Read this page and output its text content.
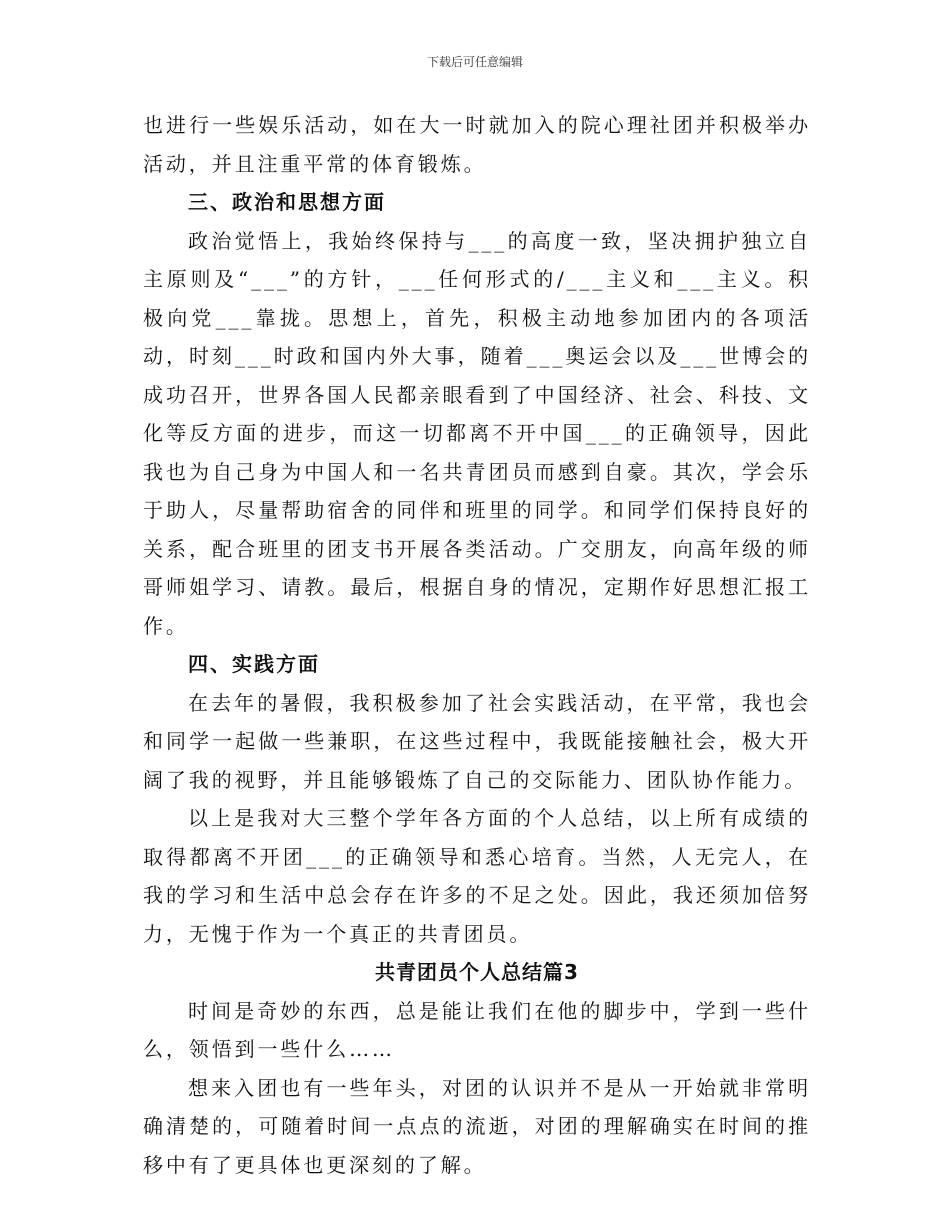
下载后可任意编辑

也进行一些娱乐活动，如在大一时就加入的院心理社团并积极举办活动，并且注重平常的体育锻炼。

三、政治和思想方面

政治觉悟上，我始终保持与___的高度一致，坚决拥护独立自主原则及“___”的方针，___任何形式的/___主义和___主义。积极向党___靠拢。思想上，首先，积极主动地参加团内的各项活动，时刻___时政和国内外大事，随着___奥运会以及___世博会的成功召开，世界各国人民都亲眼看到了中国经济、社会、科技、文化等反方面的进步，而这一切都离不开中国___的正确领导，因此我也为自己身为中国人和一名共青团员而感到自豪。其次，学会乐于助人，尽量帮助宿舍的同伴和班里的同学。和同学们保持良好的关系，配合班里的团支书开展各类活动。广交朋友，向高年级的师哥师姐学习、请教。最后，根据自身的情况，定期作好思想汇报工作。

四、实践方面

在去年的暑假，我积极参加了社会实践活动，在平常，我也会和同学一起做一些兼职，在这些过程中，我既能接触社会，极大开阔了我的视野，并且能够锻炼了自己的交际能力、团队协作能力。

以上是我对大三整个学年各方面的个人总结，以上所有成绩的取得都离不开团___的正确领导和悉心培育。当然，人无完人，在我的学习和生活中总会存在许多的不足之处。因此，我还须加倍努力，无愧于作为一个真正的共青团员。

共青团员个人总结篇3

时间是奇妙的东西，总是能让我们在他的脚步中，学到一些什么，领悟到一些什么……

想来入团也有一些年头，对团的认识并不是从一开始就非常明确清楚的，可随着时间一点点的流逝，对团的理解确实在时间的推移中有了更具体也更深刻的了解。
